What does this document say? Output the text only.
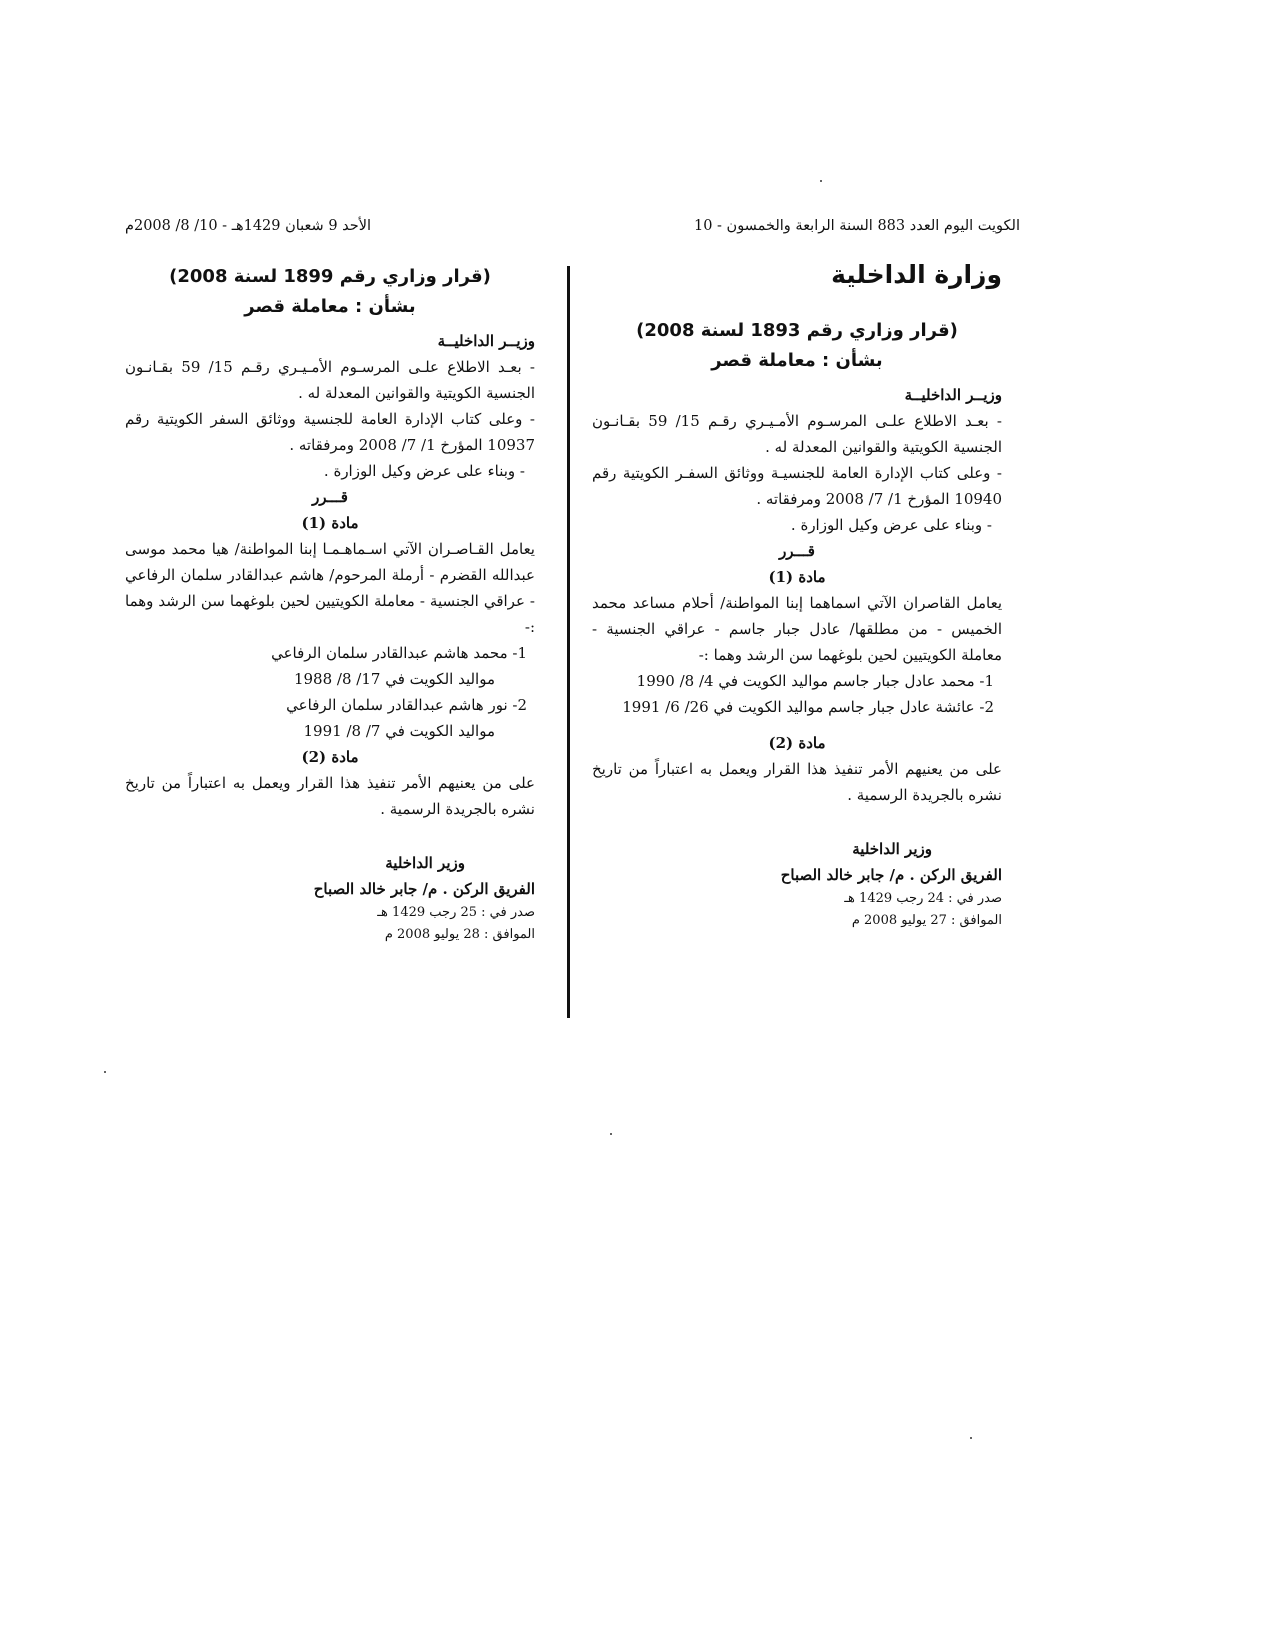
الكويت اليوم العدد 883 السنة الرابعة والخمسون - 10
الأحد 9 شعبان 1429هـ - 10/ 8/ 2008م
وزارة الداخلية
(قرار وزاري رقم 1893 لسنة 2008)
بشأن : معاملة قصر
وزيــر الداخليــة
- بعـد الاطلاع علـى المرسـوم الأمـيـري رقـم 15/ 59 بقـانـون الجنسية الكويتية والقوانين المعدلة له .
- وعلى كتاب الإدارة العامة للجنسيـة ووثائق السفـر الكويتية رقم 10940 المؤرخ 1/ 7/ 2008 ومرفقاته .
- وبناء على عرض وكيل الوزارة .
قـــرر
مادة (1)
يعامل القاصران الآتي اسماهما إبنا المواطنة/ أحلام مساعد محمد الخميس - من مطلقها/ عادل جبار جاسم - عراقي الجنسية - معاملة الكويتيين لحين بلوغهما سن الرشد وهما :-
1- محمد عادل جبار جاسم مواليد الكويت في 4/ 8/ 1990
2- عائشة عادل جبار جاسم مواليد الكويت في 26/ 6/ 1991
مادة (2)
على من يعنيهم الأمر تنفيذ هذا القرار ويعمل به اعتباراً من تاريخ نشره بالجريدة الرسمية .
وزير الداخلية
الفريق الركن . م/ جابر خالد الصباح
صدر في : 24 رجب 1429 هـ
الموافق : 27 يوليو 2008 م
(قرار وزاري رقم 1899 لسنة 2008)
بشأن : معاملة قصر
وزيــر الداخليــة
- بعـد الاطلاع علـى المرسـوم الأمـيـري رقـم 15/ 59 بقـانـون الجنسية الكويتية والقوانين المعدلة له .
- وعلى كتاب الإدارة العامة للجنسية ووثائق السفر الكويتية رقم 10937 المؤرخ 1/ 7/ 2008 ومرفقاته .
- وبناء على عرض وكيل الوزارة .
قـــرر
مادة (1)
يعامل القـاصـران الآتي اسـماهـمـا إبنا المواطنة/ هيا محمد موسى عبدالله القضرم - أرملة المرحوم/ هاشم عبدالقادر سلمان الرفاعي - عراقي الجنسية - معاملة الكويتيين لحين بلوغهما سن الرشد وهما :-
1- محمد هاشم عبدالقادر سلمان الرفاعي
مواليد الكويت في 17/ 8/ 1988
2- نور هاشم عبدالقادر سلمان الرفاعي
مواليد الكويت في 7/ 8/ 1991
مادة (2)
على من يعنيهم الأمر تنفيذ هذا القرار ويعمل به اعتباراً من تاريخ نشره بالجريدة الرسمية .
وزير الداخلية
الفريق الركن . م/ جابر خالد الصباح
صدر في : 25 رجب 1429 هـ
الموافق : 28 يوليو 2008 م
